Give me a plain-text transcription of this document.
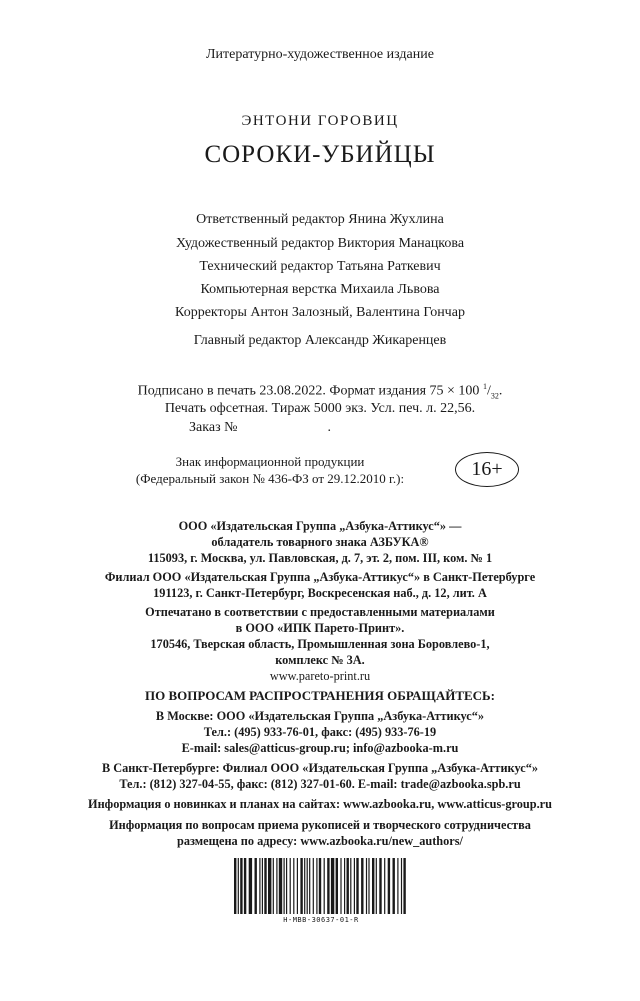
Литературно-художественное издание
ЭНТОНИ ГОРОВИЦ
СОРОКИ-УБИЙЦЫ
Ответственный редактор Янина Жухлина
Художественный редактор Виктория Манацкова
Технический редактор Татьяна Раткевич
Компьютерная верстка Михаила Львова
Корректоры Антон Залозный, Валентина Гончар
Главный редактор Александр Жикаренцев
Подписано в печать 23.08.2022. Формат издания 75 × 100 $^1/_{32}$.
Печать офсетная. Тираж 5000 экз. Усл. печ. л. 22,56.
Заказ №	.
Знак информационной продукции
(Федеральный закон № 436-ФЗ от 29.12.2010 г.):	16+
ООО «Издательская Группа „Азбука-Аттикус“» —
обладатель товарного знака АЗБУКА®
115093, г. Москва, ул. Павловская, д. 7, эт. 2, пом. III, ком. № 1
Филиал ООО «Издательская Группа „Азбука-Аттикус“» в Санкт-Петербурге
191123, г. Санкт-Петербург, Воскресенская наб., д. 12, лит. А
Отпечатано в соответствии с предоставленными материалами
в ООО «ИПК Парето-Принт».
170546, Тверская область, Промышленная зона Боровлево-1,
комплекс № 3А.
www.pareto-print.ru
ПО ВОПРОСАМ РАСПРОСТРАНЕНИЯ ОБРАЩАЙТЕСЬ:
В Москве: ООО «Издательская Группа „Азбука-Аттикус“»
Тел.: (495) 933-76-01, факс: (495) 933-76-19
E-mail: sales@atticus-group.ru; info@azbooka-m.ru
В Санкт-Петербурге: Филиал ООО «Издательская Группа „Азбука-Аттикус“»
Тел.: (812) 327-04-55, факс: (812) 327-01-60. E-mail: trade@azbooka.spb.ru
Информация о новинках и планах на сайтах: www.azbooka.ru, www.atticus-group.ru
Информация по вопросам приема рукописей и творческого сотрудничества
размещена по адресу: www.azbooka.ru/new_authors/
H-MBB-30637-01-R
